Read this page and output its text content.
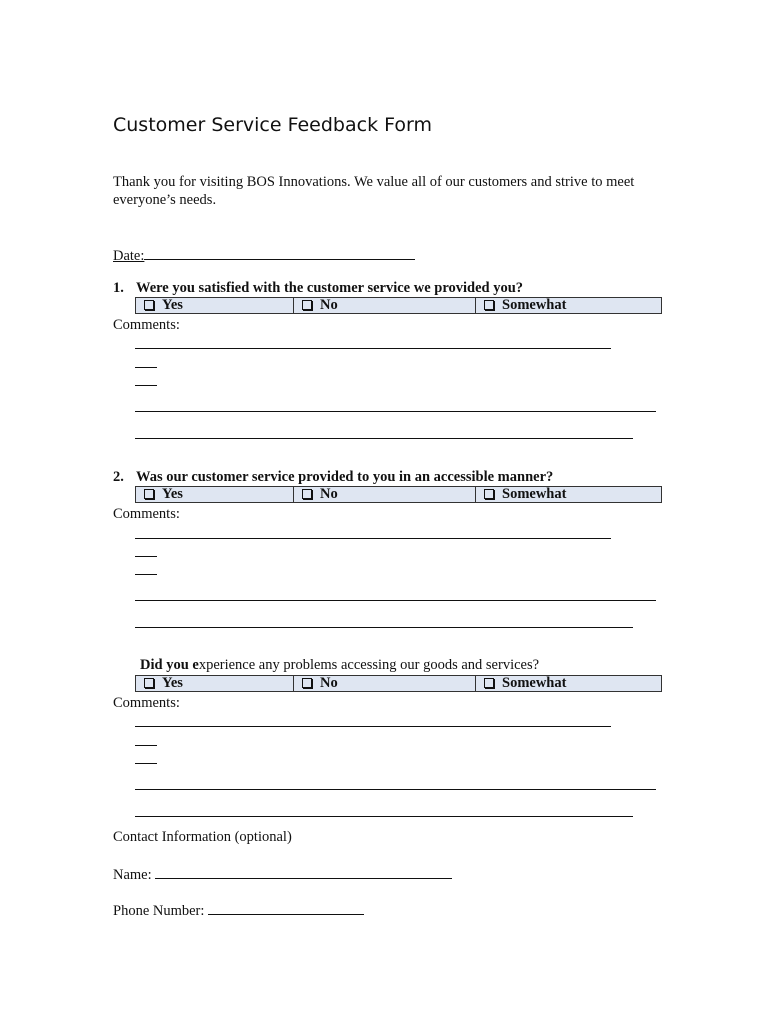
Customer Service Feedback Form

Thank you for visiting BOS Innovations. We value all of our customers and strive to meet everyone’s needs.

Date:
1. Were you satisfied with the customer service we provided you?
Yes	No	Somewhat
Comments:
2. Was our customer service provided to you in an accessible manner?
Yes	No	Somewhat
Comments:
Did you experience any problems accessing our goods and services?
Yes	No	Somewhat
Comments:
Contact Information (optional)
Name:
Phone Number:
